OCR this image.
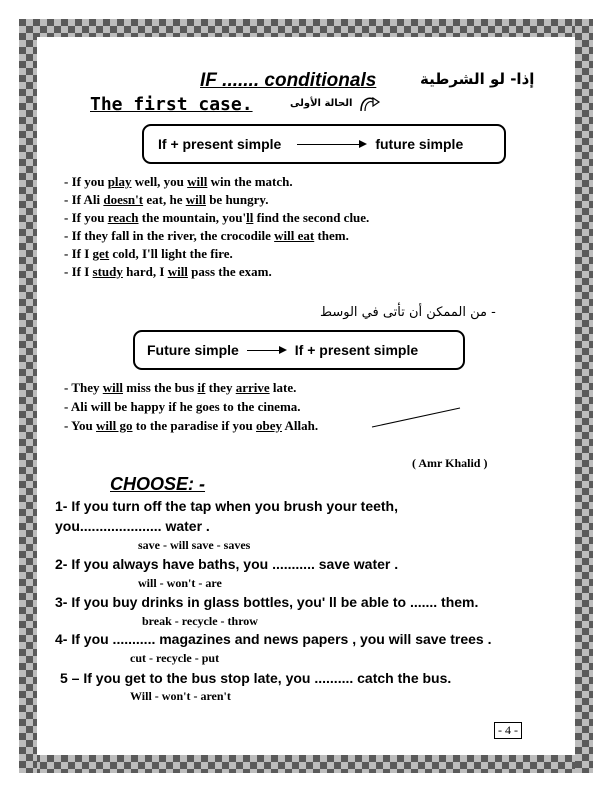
IF ....... conditionals	إذا- لو الشرطية
The first case.	الحالة الأولى
If + present simple	future simple
- If you play well, you will win the match.
- If Ali doesn't eat, he will be hungry.
- If you reach the mountain, you'll find the second clue.
- If they fall in the river, the crocodile will eat them.
- If I get cold, I'll light the fire.
- If I study hard, I will pass the exam.
- من الممكن أن تأتى في الوسط
Future simple	If + present simple
- They will miss the bus if they arrive late.
- Ali will be happy if he goes to the cinema.
- You will go to the paradise if you obey Allah.
( Amr Khalid )
CHOOSE: -
1- If you turn off the tap when you brush your teeth,
you..................... water .
save - will save - saves
2- If you always have baths, you ........... save water .
will - won't - are
3- If you buy drinks in glass bottles, you' ll be able to ....... them.
break - recycle - throw
4- If you ........... magazines and news papers , you will save trees .
cut - recycle - put
5 – If you get to the bus stop late, you .......... catch the bus.
Will - won't - aren't
- 4 -
